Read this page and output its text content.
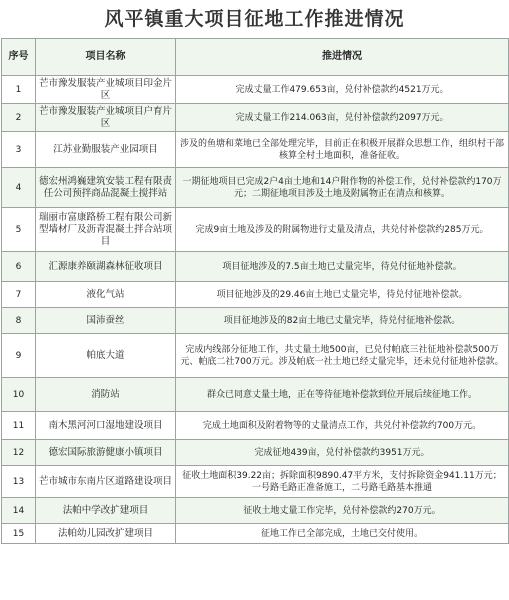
风平镇重大项目征地工作推进情况
序号	项目名称	推进情况
1	芒市豫发服装产业城项目印金片区	完成丈量工作479.653亩，兑付补偿款约4521万元。
2	芒市豫发服装产业城项目户育片区	完成丈量工作214.063亩，兑付补偿款约2097万元。
3	江苏业勤服装产业园项目	涉及的鱼塘和菜地已全部处理完毕，目前正在积极开展群众思想工作，组织村干部核算全村土地面积，准备征收。
4	德宏州鸿巍建筑安装工程有限责任公司预拌商品混凝土搅拌站	一期征地项目已完成2户4亩土地和14户附作物的补偿工作，兑付补偿款约170万元；二期征地项目涉及土地及附属物正在清点和核算。
5	瑞丽市富康路桥工程有限公司新型墙材厂及沥青混凝土拌合站项目	完成9亩土地及涉及的附属物进行丈量及清点，共兑付补偿款约285万元。
6	汇源康养颐湖森林征收项目	项目征地涉及的7.5亩土地已丈量完毕，待兑付征地补偿款。
7	液化气站	项目征地涉及的29.46亩土地已丈量完毕，待兑付征地补偿款。
8	国沛蚕丝	项目征地涉及的82亩土地已丈量完毕，待兑付征地补偿款。
9	帕底大道	完成内线部分征地工作，共丈量土地500亩，已兑付帕底三社征地补偿款500万元、帕底二社700万元。涉及帕底一社土地已经丈量完毕，还未兑付征地补偿款。
10	消防站	群众已同意丈量土地，正在等待征地补偿款到位开展后续征地工作。
11	南木黑河河口湿地建设项目	完成土地面积及附着物等的丈量清点工作，共兑付补偿款约700万元。
12	德宏国际旅游健康小镇项目	完成征地439亩，兑付补偿款约3951万元。
13	芒市城市东南片区道路建设项目	征收土地面积39.22亩；拆除面积9890.47平方米，支付拆除资金941.11万元；一号路毛路正准备施工，二号路毛路基本推通
14	法帕中学改扩建项目	征收土地丈量工作完毕，兑付补偿款约270万元。
15	法帕幼儿园改扩建项目	征地工作已全部完成，土地已交付使用。
